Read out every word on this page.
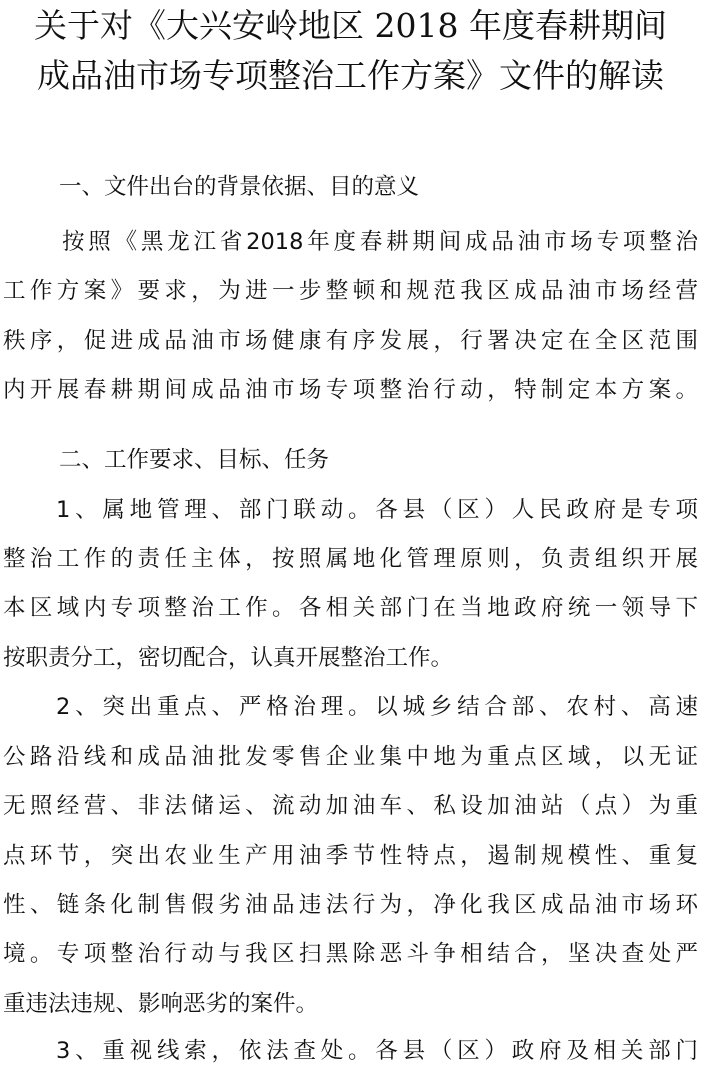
关于对《大兴安岭地区 2018 年度春耕期间
成品油市场专项整治工作方案》文件的解读

一、文件出台的背景依据、目的意义

按照《黑龙江省2018年度春耕期间成品油市场专项整治

工作方案》要求，为进一步整顿和规范我区成品油市场经营

秩序，促进成品油市场健康有序发展，行署决定在全区范围

内开展春耕期间成品油市场专项整治行动，特制定本方案。

二、工作要求、目标、任务

1、属地管理、部门联动。各县（区）人民政府是专项

整治工作的责任主体，按照属地化管理原则，负责组织开展

本区域内专项整治工作。各相关部门在当地政府统一领导下

按职责分工，密切配合，认真开展整治工作。

2、突出重点、严格治理。以城乡结合部、农村、高速

公路沿线和成品油批发零售企业集中地为重点区域，以无证

无照经营、非法储运、流动加油车、私设加油站（点）为重

点环节，突出农业生产用油季节性特点，遏制规模性、重复

性、链条化制售假劣油品违法行为，净化我区成品油市场环

境。专项整治行动与我区扫黑除恶斗争相结合，坚决查处严

重违法违规、影响恶劣的案件。

3、重视线索，依法查处。各县（区）政府及相关部门
